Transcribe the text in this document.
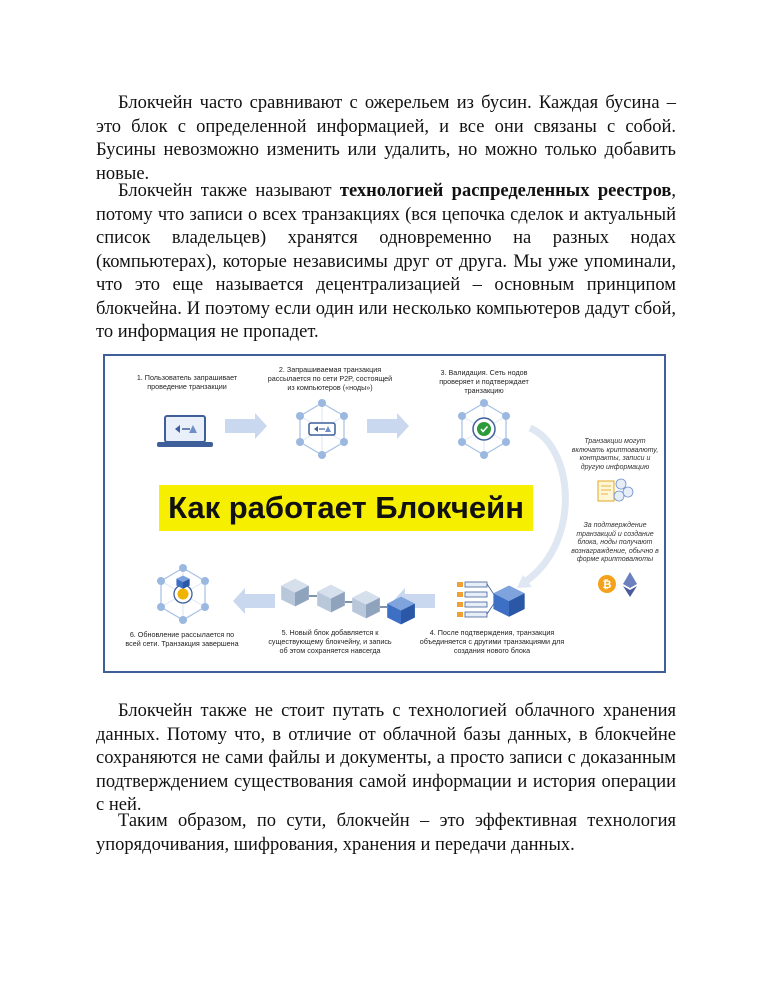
Блокчейн часто сравнивают с ожерельем из бусин. Каждая бусина – это блок с определенной информацией, и все они связаны с собой. Бусины невозможно изменить или удалить, но можно только добавить новые.

Блокчейн также называют технологией распределенных реестров, потому что записи о всех транзакциях (вся цепочка сделок и актуальный список владельцев) хранятся одновременно на разных нодах (компьютерах), которые независимы друг от друга. Мы уже упоминали, что это еще называется децентрализацией – основным принципом блокчейна. И поэтому если один или несколько компьютеров дадут сбой, то информация не пропадет.

₿
1. Пользователь запрашивает проведение транзакции
2. Запрашиваемая транзакция рассылается по сети P2P, состоящей из компьютеров («ноды»)
3. Валидация. Сеть нодов проверяет и подтверждает транзакцию
4. После подтверждения, транзакция объединяется с другими транзакциями для создания нового блока
5. Новый блок добавляется к существующему блокчейну, и запись об этом сохраняется навсегда
6. Обновление рассылается по всей сети. Транзакция завершена
Транзакции могут включать криптовалюту, контракты, записи и другую информацию
За подтверждение транзакций и создание блока, ноды получают вознаграждение, обычно в форме криптовалюты
Как работает Блокчейн

Блокчейн также не стоит путать с технологией облачного хранения данных. Потому что, в отличие от облачной базы данных, в блокчейне сохраняются не сами файлы и документы, а просто записи с доказанным подтверждением существования самой информации и история операции с ней.

Таким образом, по сути, блокчейн – это эффективная технология упорядочивания, шифрования, хранения и передачи данных.
